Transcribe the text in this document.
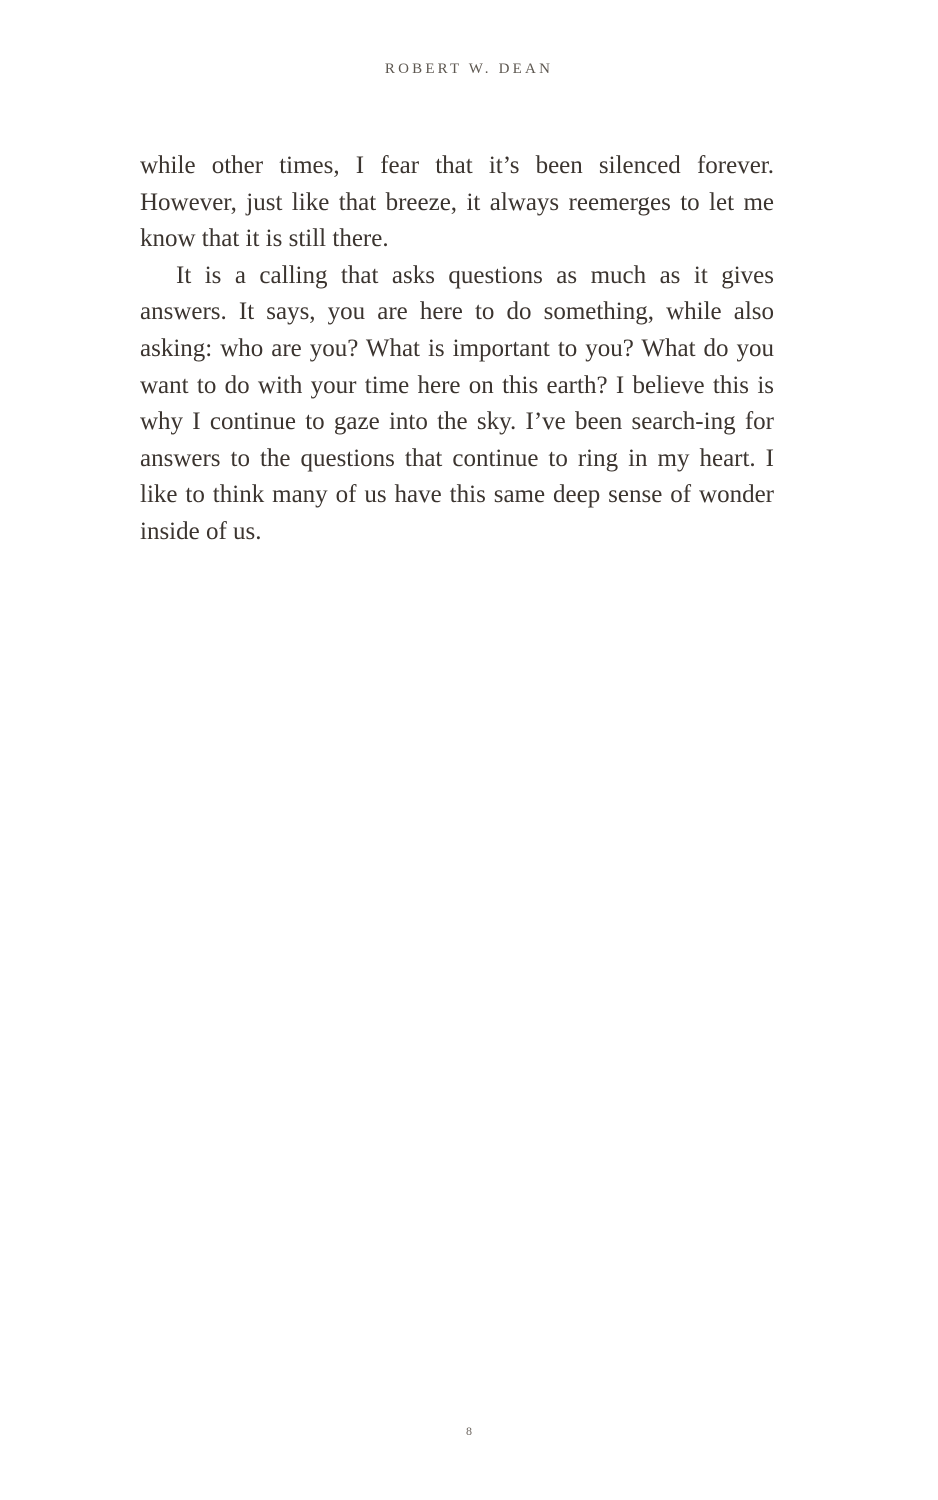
ROBERT W. DEAN

while other times, I fear that it’s been silenced forever. However, just like that breeze, it always reemerges to let me know that it is still there.

It is a calling that asks questions as much as it gives answers. It says, you are here to do something, while also asking: who are you? What is important to you? What do you want to do with your time here on this earth? I believe this is why I continue to gaze into the sky. I’ve been search-ing for answers to the questions that continue to ring in my heart. I like to think many of us have this same deep sense of wonder inside of us.

8
